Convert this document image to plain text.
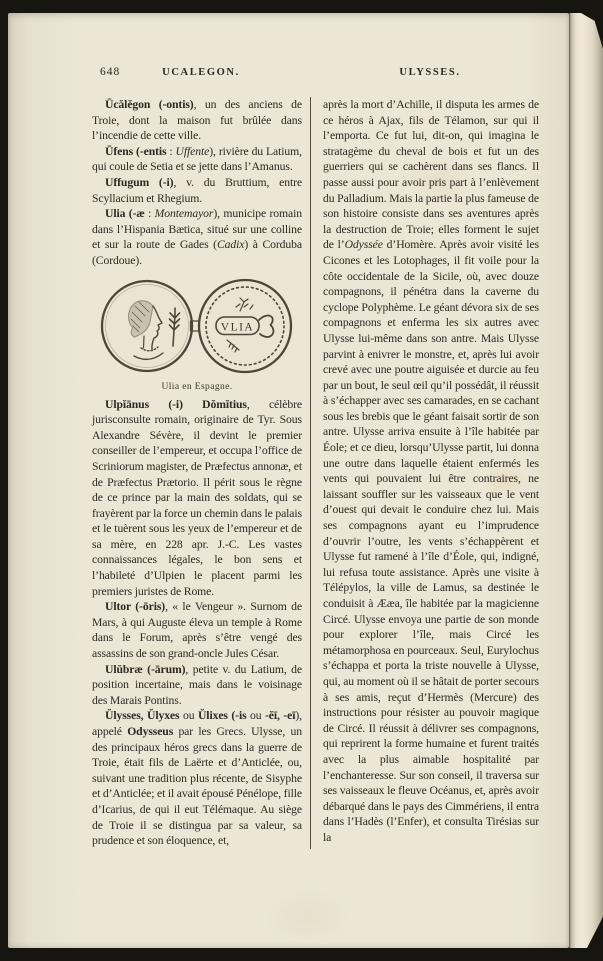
648	UCALEGON.	ULYSSES.

Ūcălĕgon (-ontis), un des anciens de Troie, dont la maison fut brûlée dans l’incendie de cette ville.

Ūfens (-entis : Uffente), rivière du Latium, qui coule de Setia et se jette dans l’Amanus.

Uffugum (-i), v. du Bruttium, entre Scyllacium et Rhegium.

Ulia (-æ : Montemayor), municipe romain dans l’Hispania Bætica, situé sur une colline et sur la route de Gades (Cadix) à Corduba (Cordoue).

VLIA
Ulia en Espagne.

Ulpĭānus (-i) Dŏmĭtius, célèbre jurisconsulte romain, originaire de Tyr. Sous Alexandre Sévère, il devint le premier conseiller de l’empereur, et occupa l’office de Scriniorum magister, de Præfectus annonæ, et de Præfectus Prætorio. Il périt sous le règne de ce prince par la main des soldats, qui se frayèrent par la force un chemin dans le palais et le tuèrent sous les yeux de l’empereur et de sa mère, en 228 apr. J.-C. Les vastes connaissances légales, le bon sens et l’habileté d’Ulpien le placent parmi les premiers juristes de Rome.

Ultor (-ōris), « le Vengeur ». Surnom de Mars, à qui Auguste éleva un temple à Rome dans le Forum, après s’être vengé des assassins de son grand-oncle Jules César.

Ulŭbræ (-ārum), petite v. du Latium, de position incertaine, mais dans le voisinage des Marais Pontins.

Ŭlysses, Ŭlyxes ou Ŭlixes (-is ou -ĕī, -eī), appelé Odysseus par les Grecs. Ulysse, un des principaux héros grecs dans la guerre de Troie, était fils de Laërte et d’Anticlée, ou, suivant une tradition plus récente, de Sisyphe et d’Anticlée; et il avait épousé Pénélope, fille d’Icarius, de qui il eut Télémaque. Au siège de Troie il se distingua par sa valeur, sa prudence et son éloquence, et,

après la mort d’Achille, il disputa les armes de ce héros à Ajax, fils de Télamon, sur qui il l’emporta. Ce fut lui, dit-on, qui imagina le stratagème du cheval de bois et fut un des guerriers qui se cachèrent dans ses flancs. Il passe aussi pour avoir pris part à l’enlèvement du Palladium. Mais la partie la plus fameuse de son histoire consiste dans ses aventures après la destruction de Troie; elles forment le sujet de l’Odyssée d’Homère. Après avoir visité les Cicones et les Lotophages, il fit voile pour la côte occidentale de la Sicile, où, avec douze compagnons, il pénétra dans la caverne du cyclope Polyphème. Le géant dévora six de ses compagnons et enferma les six autres avec Ulysse lui-même dans son antre. Mais Ulysse parvint à enivrer le monstre, et, après lui avoir crevé avec une poutre aiguisée et durcie au feu par un bout, le seul œil qu’il possédât, il réussit à s’échapper avec ses camarades, en se cachant sous les brebis que le géant faisait sortir de son antre. Ulysse arriva ensuite à l’île habitée par Éole; et ce dieu, lorsqu’Ulysse partit, lui donna une outre dans laquelle étaient enfermés les vents qui pouvaient lui être contraires, ne laissant souffler sur les vaisseaux que le vent d’ouest qui devait le conduire chez lui. Mais ses compagnons ayant eu l’imprudence d’ouvrir l’outre, les vents s’échappèrent et Ulysse fut ramené à l’île d’Éole, qui, indigné, lui refusa toute assistance. Après une visite à Télépylos, la ville de Lamus, sa destinée le conduisit à Ææa, île habitée par la magicienne Circé. Ulysse envoya une partie de son monde pour explorer l’île, mais Circé les métamorphosa en pourceaux. Seul, Eurylochus s’échappa et porta la triste nouvelle à Ulysse, qui, au moment où il se hâtait de porter secours à ses amis, reçut d’Hermès (Mercure) des instructions pour résister au pouvoir magique de Circé. Il réussit à délivrer ses compagnons, qui reprirent la forme humaine et furent traités avec la plus aimable hospitalité par l’enchanteresse. Sur son conseil, il traversa sur ses vaisseaux le fleuve Océanus, et, après avoir débarqué dans le pays des Cimmériens, il entra dans l’Hadès (l’Enfer), et consulta Tirésias sur la
